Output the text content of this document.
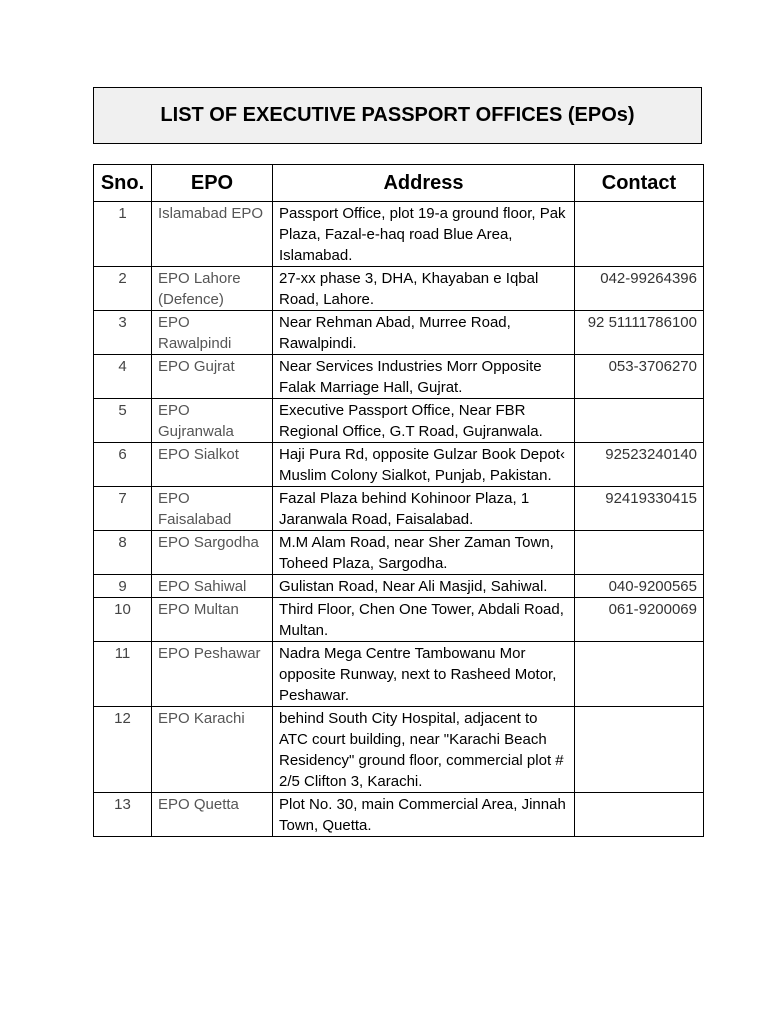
LIST OF EXECUTIVE PASSPORT OFFICES (EPOs)
Sno.	EPO	Address	Contact
1	Islamabad EPO	Passport Office, plot 19-a ground floor, Pak Plaza, Fazal-e-haq road Blue Area, Islamabad.	
2	EPO Lahore (Defence)	27-xx phase 3, DHA, Khayaban e Iqbal Road, Lahore.	042-99264396
3	EPO Rawalpindi	Near Rehman Abad, Murree Road, Rawalpindi.	92 51111786100
4	EPO Gujrat	Near Services Industries Morr Opposite Falak Marriage Hall, Gujrat.	053-3706270
5	EPO Gujranwala	Executive Passport Office, Near FBR Regional Office, G.T Road, Gujranwala.	
6	EPO Sialkot	Haji Pura Rd, opposite Gulzar Book Depot‹ Muslim Colony Sialkot, Punjab, Pakistan.	92523240140
7	EPO Faisalabad	Fazal Plaza behind Kohinoor Plaza, 1 Jaranwala Road, Faisalabad.	92419330415
8	EPO Sargodha	M.M Alam Road, near Sher Zaman Town, Toheed Plaza, Sargodha.	
9	EPO Sahiwal	Gulistan Road, Near Ali Masjid, Sahiwal.	040-9200565
10	EPO Multan	Third Floor, Chen One Tower, Abdali Road, Multan.	061-9200069
11	EPO Peshawar	Nadra Mega Centre Tambowanu Mor opposite Runway, next to Rasheed Motor, Peshawar.	
12	EPO Karachi	behind South City Hospital, adjacent to ATC court building, near "Karachi Beach Residency" ground floor, commercial plot # 2/5 Clifton 3, Karachi.	
13	EPO Quetta	Plot No. 30, main Commercial Area, Jinnah Town, Quetta.	
